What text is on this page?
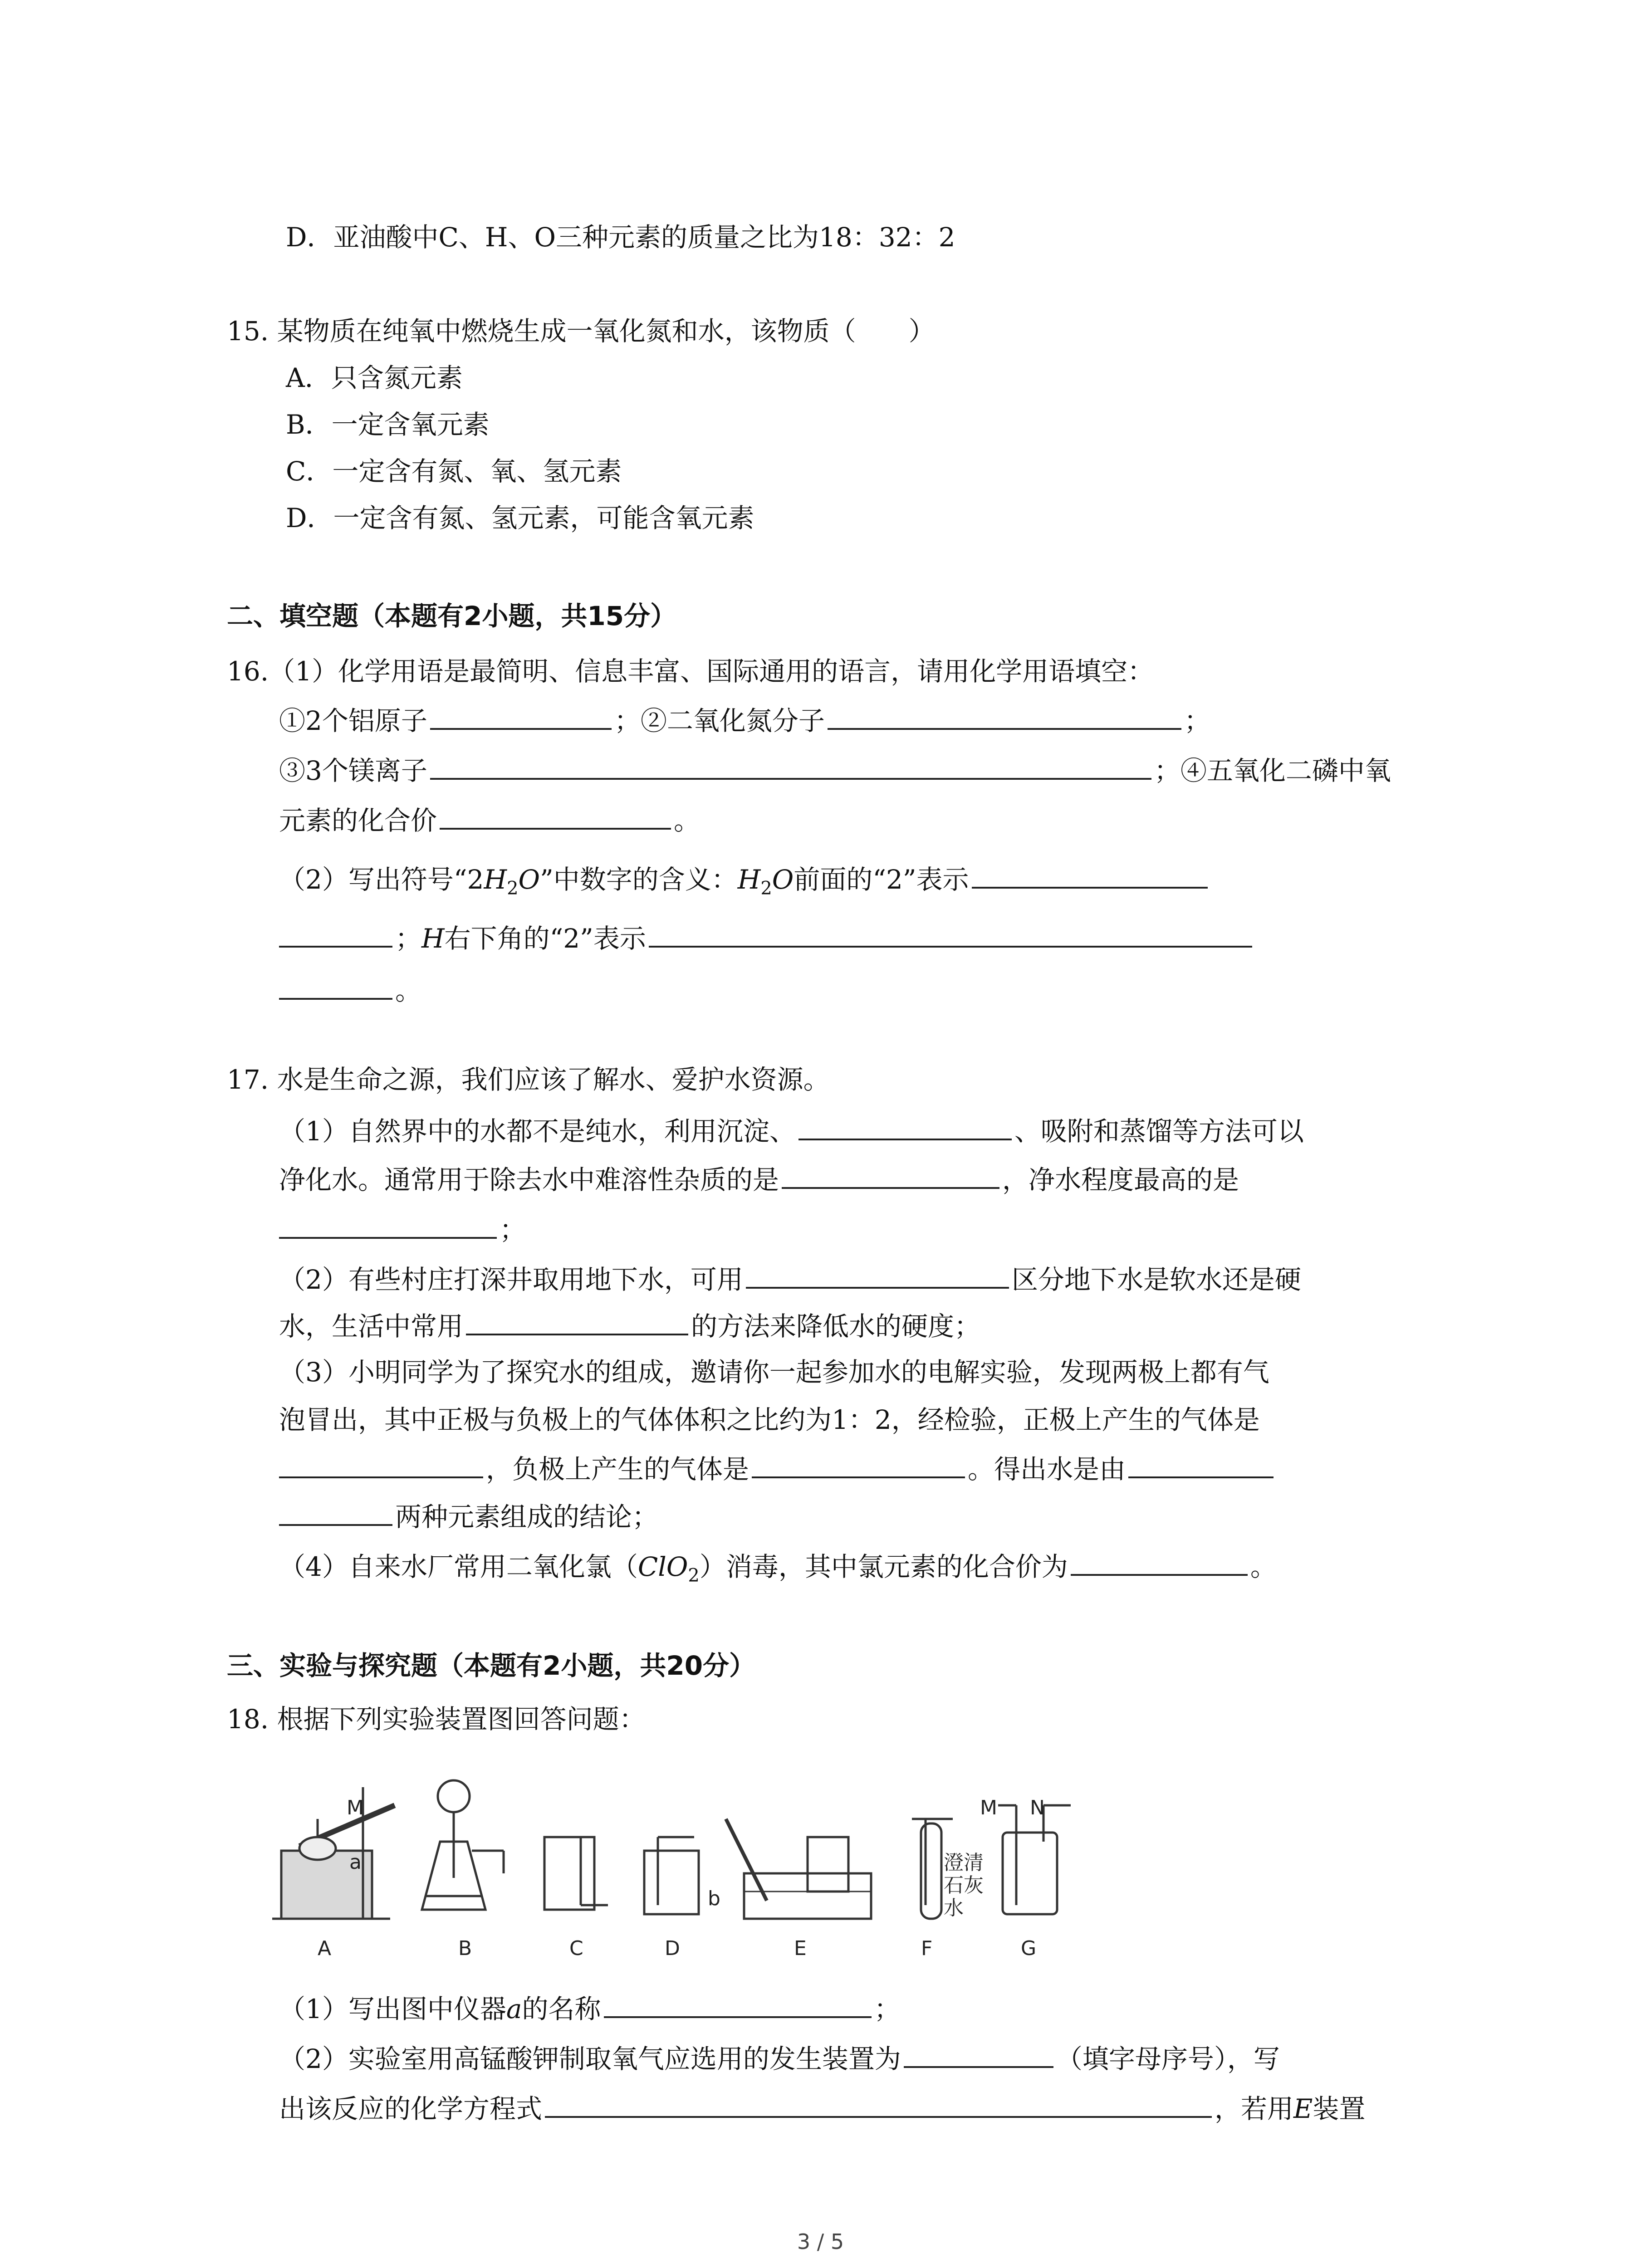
D．亚油酸中C、H、O三种元素的质量之比为18：32：2
15. 某物质在纯氧中燃烧生成一氧化氮和水，该物质（　　）
A．只含氮元素
B．一定含氧元素
C．一定含有氮、氧、氢元素
D．一定含有氮、氢元素，可能含氧元素
二、填空题（本题有2小题，共15分）
16.（1）化学用语是最简明、信息丰富、国际通用的语言，请用化学用语填空：
①2个铝原子	；②二氧化氮分子	；
③3个镁离子	；④五氧化二磷中氧
元素的化合价	。
（2）写出符号“$2H_2O$”中数字的含义：$H_2O$前面的“2”表示
；H右下角的“2”表示
。
17. 水是生命之源，我们应该了解水、爱护水资源。
（1）自然界中的水都不是纯水，利用沉淀、	、吸附和蒸馏等方法可以
净化水。通常用于除去水中难溶性杂质的是	，净水程度最高的是
；
（2）有些村庄打深井取用地下水，可用	区分地下水是软水还是硬
水，生活中常用	的方法来降低水的硬度；
（3）小明同学为了探究水的组成，邀请你一起参加水的电解实验，发现两极上都有气
泡冒出，其中正极与负极上的气体体积之比约为1：2，经检验，正极上产生的气体是
，负极上产生的气体是	。得出水是由
两种元素组成的结论；
（4）自来水厂常用二氧化氯（ClO$_2$）消毒，其中氯元素的化合价为	。
三、实验与探究题（本题有2小题，共20分）
18. 根据下列实验装置图回答问题：
M	M N
a
b
澄清
石灰
水
A	B	C	D	E	F	G
（1）写出图中仪器a的名称	；
（2）实验室用高锰酸钾制取氧气应选用的发生装置为	（填字母序号），写
出该反应的化学方程式	，若用E装置
3 / 5
